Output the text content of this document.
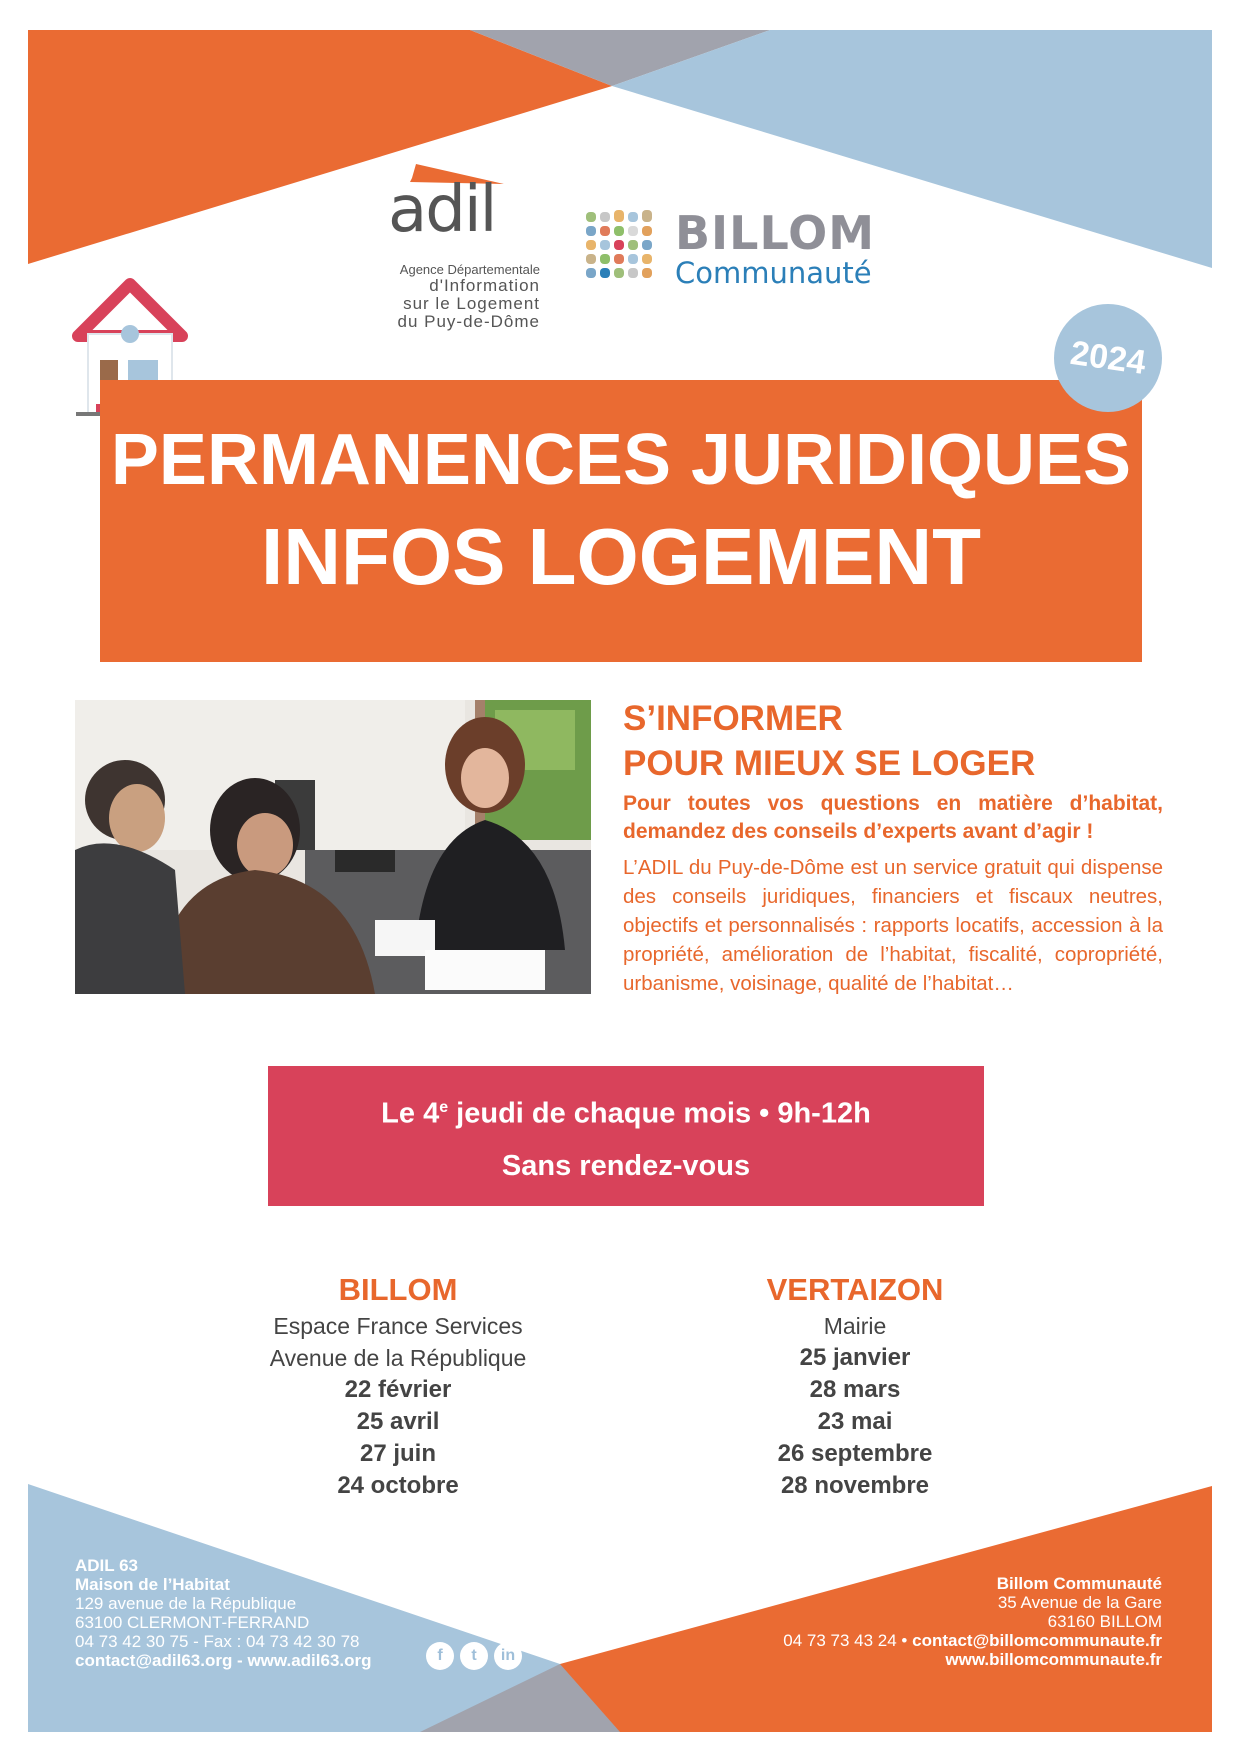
adil
Agence Départementale
d'Information
sur le Logement
du Puy-de-Dôme
BILLOM
Communauté
PERMANENCES JURIDIQUES
INFOS LOGEMENT
2024
S’INFORMER
POUR MIEUX SE LOGER
Pour toutes vos questions en matière d’habitat, demandez des conseils d’experts avant d’agir !
L’ADIL du Puy-de-Dôme est un service gratuit qui dispense des conseils juridiques, financiers et fiscaux neutres, objectifs et personnalisés : rapports locatifs, accession à la propriété, amélioration de l’habitat, fiscalité, copropriété, urbanisme, voisinage, qualité de l’habitat…
Le 4e jeudi de chaque mois • 9h-12h
Sans rendez-vous
BILLOM
Espace France Services
Avenue de la République
22 février
25 avril
27 juin
24 octobre
VERTAIZON
Mairie
25 janvier
28 mars
23 mai
26 septembre
28 novembre
ADIL 63
Maison de l’Habitat
129 avenue de la République
63100 CLERMONT-FERRAND
04 73 42 30 75 - Fax : 04 73 42 30 78
contact@adil63.org - www.adil63.org	f	t	in
Billom Communauté
35 Avenue de la Gare
63160 BILLOM
04 73 73 43 24 • contact@billomcommunaute.fr
www.billomcommunaute.fr
